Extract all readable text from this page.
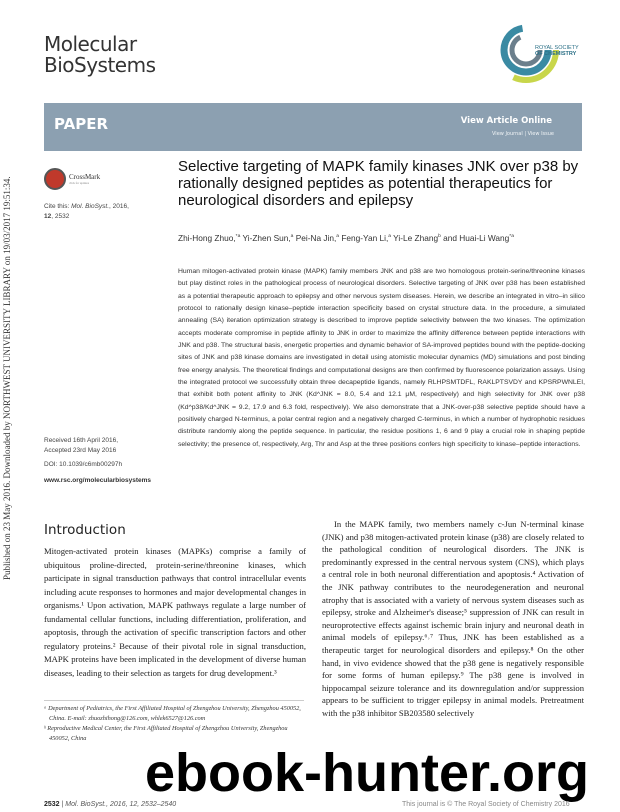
Published on 23 May 2016. Downloaded by NORTHWEST UNIVERSITY LIBRARY on 19/03/2017 19:51:34.
Molecular
BioSystems
ROYAL SOCIETY
OF CHEMISTRY
PAPER	View Article Online
View Journal | View Issue
CrossMark
click for updates
Cite this: Mol. BioSyst., 2016,
12, 2532
Received 16th April 2016,
Accepted 23rd May 2016
DOI: 10.1039/c6mb00297h
www.rsc.org/molecularbiosystems
Selective targeting of MAPK family kinases JNK over p38 by rationally designed peptides as potential therapeutics for neurological disorders and epilepsy
Zhi-Hong Zhuo,$^{*a}$ Yi-Zhen Sun,$^a$ Pei-Na Jin,$^a$ Feng-Yan Li,$^a$ Yi-Le Zhang$^b$ and Huai-Li Wang$^{*a}$
Human mitogen-activated protein kinase (MAPK) family members JNK and p38 are two homologous protein-serine/threonine kinases but play distinct roles in the pathological process of neurological disorders. Selective targeting of JNK over p38 has been established as a potential therapeutic approach to epilepsy and other nervous system diseases. Herein, we describe an integrated in vitro–in silico protocol to rationally design kinase–peptide interaction specificity based on crystal structure data. In the procedure, a simulated annealing (SA) iteration optimization strategy is described to improve peptide selectivity between the two kinases. The optimization accepts moderate compromise in peptide affinity to JNK in order to maximize the affinity difference between peptide interactions with JNK and p38. The structural basis, energetic properties and dynamic behavior of SA-improved peptides bound with the peptide-docking sites of JNK and p38 kinase domains are investigated in detail using atomistic molecular dynamics (MD) simulations and post binding free energy analysis. The theoretical findings and computational designs are then confirmed by fluorescence polarization assays. Using the integrated protocol we successfully obtain three decapeptide ligands, namely RLHPSMTDFL, RAKLPTSVDY and KPSRPWNLEI, that exhibit both potent affinity to JNK (Kd^JNK = 8.0, 5.4 and 12.1 μM, respectively) and high selectivity for JNK over p38 (Kd^p38/Kd^JNK = 9.2, 17.9 and 6.3 fold, respectively). We also demonstrate that a JNK-over-p38 selective peptide should have a positively charged N-terminus, a polar central region and a negatively charged C-terminus, in which a number of hydrophobic residues distribute randomly along the peptide sequence. In particular, the residue positions 1, 6 and 9 play a crucial role in shaping peptide selectivity; the presence of, respectively, Arg, Thr and Asp at the three positions confers high specificity to kinase–peptide interactions.
Introduction
Mitogen-activated protein kinases (MAPKs) comprise a family of ubiquitous proline-directed, protein-serine/threonine kinases, which participate in signal transduction pathways that control intracellular events including acute responses to hormones and major developmental changes in organisms.¹ Upon activation, MAPK pathways regulate a large number of fundamental cellular functions, including differentiation, proliferation, and apoptosis, through the activation of specific transcription factors and other regulatory proteins.² Because of their pivotal role in signal transduction, MAPK proteins have been implicated in the development of diverse human diseases, leading to their selection as targets for drug development.³
In the MAPK family, two members namely c-Jun N-terminal kinase (JNK) and p38 mitogen-activated protein kinase (p38) are closely related to the pathological condition of neurological disorders. The JNK is predominantly expressed in the central nervous system (CNS), which plays a central role in both neuronal differentiation and apoptosis.⁴ Activation of the JNK pathway contributes to the neurodegeneration and neuronal atrophy that is associated with a variety of nervous system diseases such as epilepsy, stroke and Alzheimer's disease;⁵ suppression of JNK can result in neuroprotective effects against ischemic brain injury and neuronal death in animal models of epilepsy.⁶˒⁷ Thus, JNK has been established as a therapeutic target for neurological disorders and epilepsy.⁸ On the other hand, in vivo evidence showed that the p38 gene is negatively responsible for some forms of human epilepsy.⁹ The p38 gene is involved in hippocampal seizure tolerance and its downregulation and/or suppression appears to be sufficient to trigger epilepsy in animal models. Pretreatment with the p38 inhibitor SB203580 selectively

ᵃ Department of Pediatrics, the First Affiliated Hospital of Zhengzhou University, Zhengzhou 450052, China. E-mail: zhuozhihong@126.com, whlek6527@126.com

ᵇ Reproductive Medical Center, the First Affiliated Hospital of Zhengzhou University, Zhengzhou 450052, China

ebook-hunter.org
2532 | Mol. BioSyst., 2016, 12, 2532–2540	This journal is © The Royal Society of Chemistry 2016
